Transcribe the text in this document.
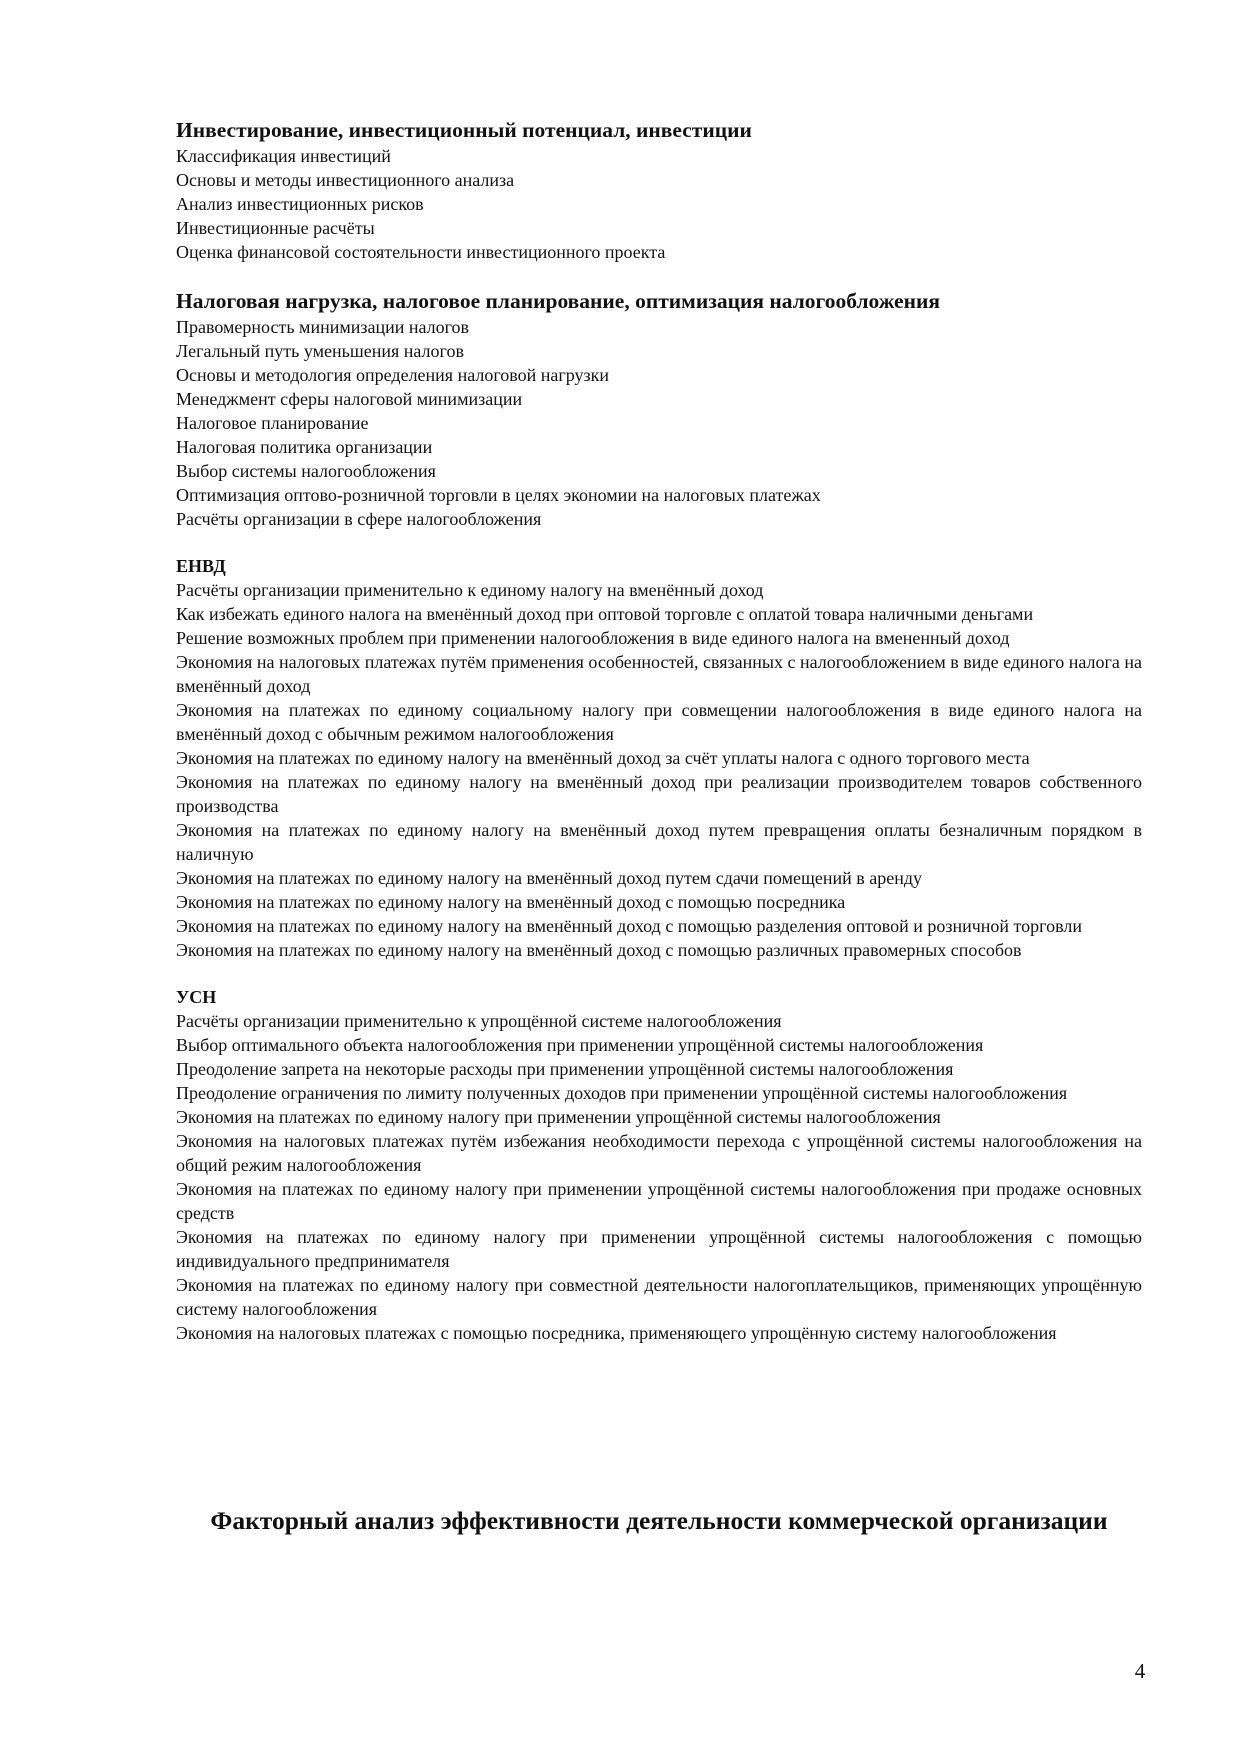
Инвестирование, инвестиционный потенциал, инвестиции
Классификация инвестиций
Основы и методы инвестиционного анализа
Анализ инвестиционных рисков
Инвестиционные расчёты
Оценка финансовой состоятельности инвестиционного проекта
Налоговая нагрузка, налоговое планирование, оптимизация налогообложения
Правомерность минимизации налогов
Легальный путь уменьшения налогов
Основы и методология определения налоговой нагрузки
Менеджмент сферы налоговой минимизации
Налоговое планирование
Налоговая политика организации
Выбор системы налогообложения
Оптимизация оптово-розничной торговли в целях экономии на налоговых платежах
Расчёты организации в сфере налогообложения
ЕНВД
Расчёты организации применительно к единому налогу на вменённый доход
Как избежать единого налога на вменённый доход при оптовой торговле с оплатой товара наличными деньгами
Решение возможных проблем при применении налогообложения в виде единого налога на вмененный доход
Экономия на налоговых платежах путём применения особенностей, связанных с налогообложением в виде единого налога на вменённый доход
Экономия на платежах по единому социальному налогу при совмещении налогообложения в виде единого налога на вменённый доход с обычным режимом налогообложения
Экономия на платежах по единому налогу на вменённый доход за счёт уплаты налога с одного торгового места
Экономия на платежах по единому налогу на вменённый доход при реализации производителем товаров собственного производства
Экономия на платежах по единому налогу на вменённый доход путем превращения оплаты безналичным порядком в наличную
Экономия на платежах по единому налогу на вменённый доход путем сдачи помещений в аренду
Экономия на платежах по единому налогу на вменённый доход с помощью посредника
Экономия на платежах по единому налогу на вменённый доход с помощью разделения оптовой и розничной торговли
Экономия на платежах по единому налогу на вменённый доход с помощью различных правомерных способов
УСН
Расчёты организации применительно к упрощённой системе налогообложения
Выбор оптимального объекта налогообложения при применении упрощённой системы налогообложения
Преодоление запрета на некоторые расходы при применении упрощённой системы налогообложения
Преодоление ограничения по лимиту полученных доходов при применении упрощённой системы налогообложения
Экономия на платежах по единому налогу при применении упрощённой системы налогообложения
Экономия на налоговых платежах путём избежания необходимости перехода с упрощённой системы налогообложения на общий режим налогообложения
Экономия на платежах по единому налогу при применении упрощённой системы налогообложения при продаже основных средств
Экономия на платежах по единому налогу при применении упрощённой системы налогообложения с помощью индивидуального предпринимателя
Экономия на платежах по единому налогу при совместной деятельности налогоплательщиков, применяющих упрощённую систему налогообложения
Экономия на налоговых платежах с помощью посредника, применяющего упрощённую систему налогообложения
Факторный анализ эффективности деятельности коммерческой организации
4
